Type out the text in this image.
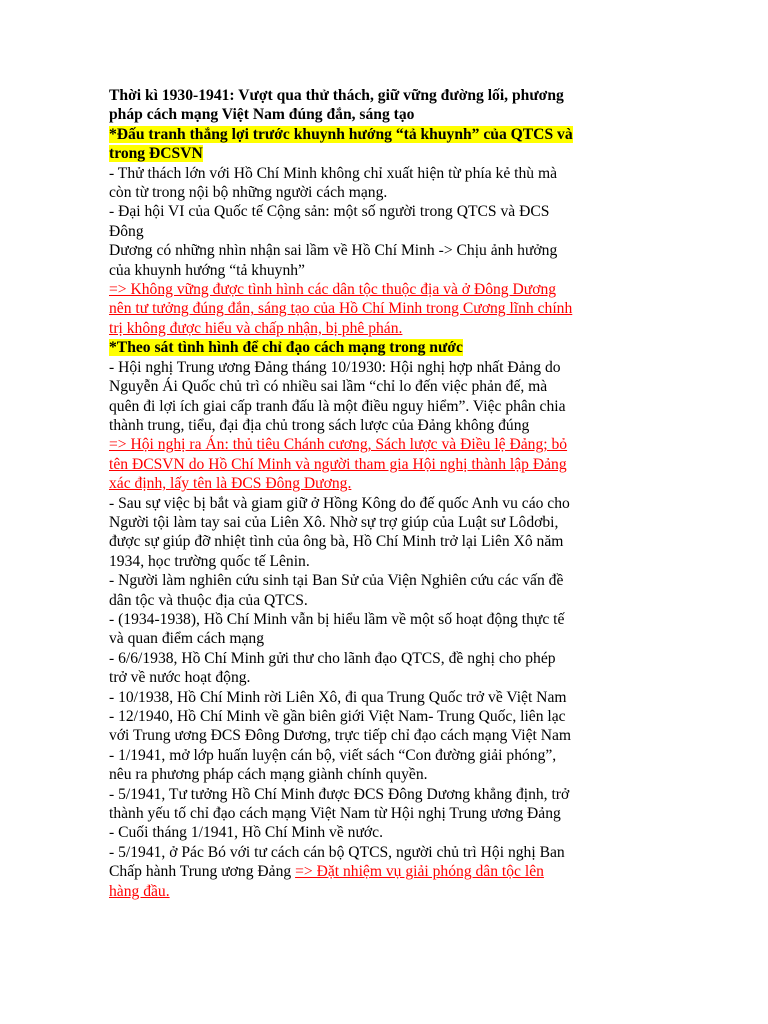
Thời kì 1930-1941: Vượt qua thử thách, giữ vững đường lối, phương
pháp cách mạng Việt Nam đúng đắn, sáng tạo
*Đấu tranh thắng lợi trước khuynh hướng “tả khuynh” của QTCS và
trong ĐCSVN
- Thử thách lớn với Hồ Chí Minh không chỉ xuất hiện từ phía kẻ thù mà
còn từ trong nội bộ những người cách mạng.
- Đại hội VI của Quốc tế Cộng sản: một số người trong QTCS và ĐCS
Đông
Dương có những nhìn nhận sai lầm về Hồ Chí Minh -> Chịu ảnh hưởng
của khuynh hướng “tả khuynh”
=> Không vững được tình hình các dân tộc thuộc địa và ở Đông Dương
nên tư tưởng đúng đắn, sáng tạo của Hồ Chí Minh trong Cương lĩnh chính
trị không được hiểu và chấp nhận, bị phê phán.
*Theo sát tình hình để chỉ đạo cách mạng trong nước
- Hội nghị Trung ương Đảng tháng 10/1930: Hội nghị hợp nhất Đảng do
Nguyễn Ái Quốc chủ trì có nhiều sai lầm “chỉ lo đến việc phản đế, mà
quên đi lợi ích giai cấp tranh đấu là một điều nguy hiểm”. Việc phân chia
thành trung, tiểu, đại địa chủ trong sách lược của Đảng không đúng
=> Hội nghị ra Án: thủ tiêu Chánh cương, Sách lược và Điều lệ Đảng; bỏ
tên ĐCSVN do Hồ Chí Minh và người tham gia Hội nghị thành lập Đảng
xác định, lấy tên là ĐCS Đông Dương.
- Sau sự việc bị bắt và giam giữ ở Hồng Kông do đế quốc Anh vu cáo cho
Người tội làm tay sai của Liên Xô. Nhờ sự trợ giúp của Luật sư Lôdơbi,
được sự giúp đỡ nhiệt tình của ông bà, Hồ Chí Minh trở lại Liên Xô năm
1934, học trường quốc tế Lênin.
- Người làm nghiên cứu sinh tại Ban Sử của Viện Nghiên cứu các vấn đề
dân tộc và thuộc địa của QTCS.
- (1934-1938), Hồ Chí Minh vẫn bị hiểu lầm về một số hoạt động thực tế
và quan điểm cách mạng
- 6/6/1938, Hồ Chí Minh gửi thư cho lãnh đạo QTCS, đề nghị cho phép
trở về nước hoạt động.
- 10/1938, Hồ Chí Minh rời Liên Xô, đi qua Trung Quốc trở về Việt Nam
- 12/1940, Hồ Chí Minh về gần biên giới Việt Nam- Trung Quốc, liên lạc
với Trung ương ĐCS Đông Dương, trực tiếp chỉ đạo cách mạng Việt Nam
- 1/1941, mở lớp huấn luyện cán bộ, viết sách “Con đường giải phóng”,
nêu ra phương pháp cách mạng giành chính quyền.
- 5/1941, Tư tưởng Hồ Chí Minh được ĐCS Đông Dương khẳng định, trở
thành yếu tố chỉ đạo cách mạng Việt Nam từ Hội nghị Trung ương Đảng
- Cuối tháng 1/1941, Hồ Chí Minh về nước.
- 5/1941, ở Pác Bó với tư cách cán bộ QTCS, người chủ trì Hội nghị Ban
Chấp hành Trung ương Đảng => Đặt nhiệm vụ giải phóng dân tộc lên
hàng đầu.
